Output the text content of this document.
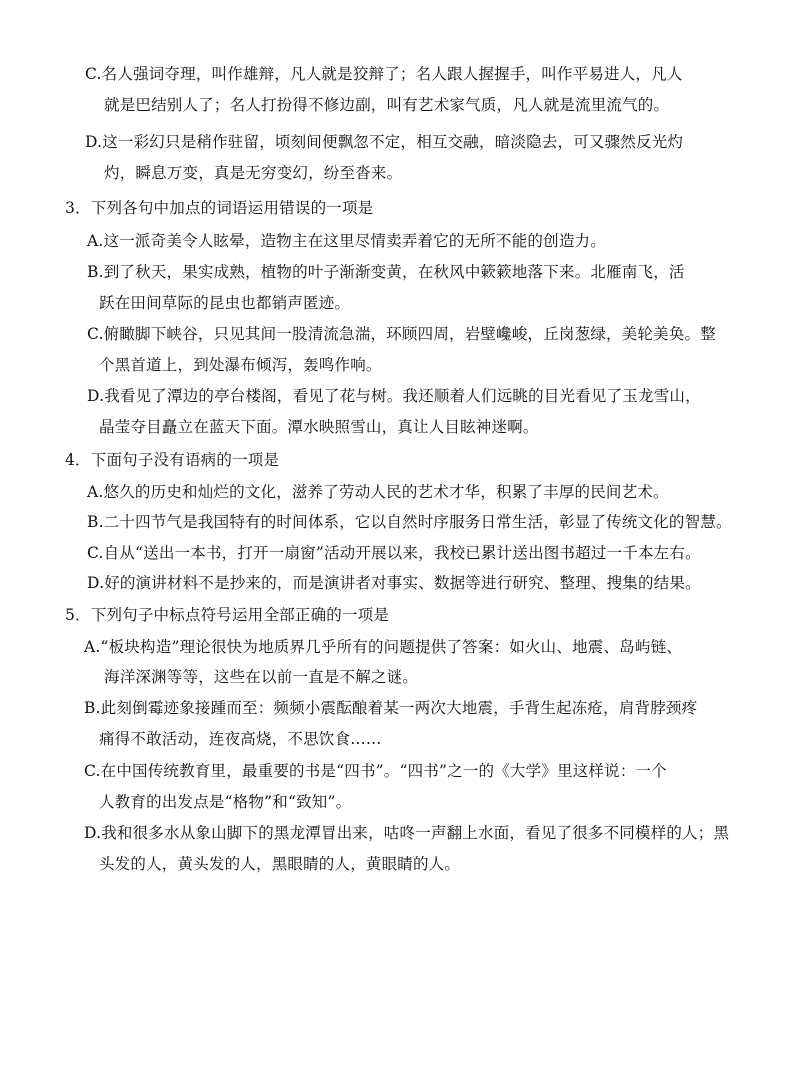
C.名人强词夺理，叫作雄辩，凡人就是狡辩了；名人跟人握握手，叫作平易进人，凡人
就是巴结别人了；名人打扮得不修边副，叫有艺术家气质，凡人就是流里流气的。
D.这一彩幻只是稍作驻留，顷刻间便飘忽不定，相互交融，暗淡隐去，可又骤然反光灼
灼，瞬息万变，真是无穷变幻，纷至沓来。
3．下列各句中加点的词语运用错误的一项是
A.这一派奇美令人眩晕，造物主在这里尽情卖弄着它的无所不能的创造力。
B.到了秋天，果实成熟，植物的叶子渐渐变黄，在秋风中簌簌地落下来。北雁南飞，活
跃在田间草际的昆虫也都销声匿迹。
C.俯瞰脚下峡谷，只见其间一股清流急湍，环顾四周，岩壁巉峻，丘岗葱绿，美轮美奂。整
个黑首道上，到处瀑布倾泻，轰鸣作响。
D.我看见了潭边的亭台楼阁，看见了花与树。我还顺着人们远眺的目光看见了玉龙雪山，
晶莹夺目矗立在蓝天下面。潭水映照雪山，真让人目眩神迷啊。
4．下面句子没有语病的一项是
A.悠久的历史和灿烂的文化，滋养了劳动人民的艺术才华，积累了丰厚的民间艺术。
B.二十四节气是我国特有的时间体系，它以自然时序服务日常生活，彰显了传统文化的智慧。
C.自从“送出一本书，打开一扇窗”活动开展以来，我校已累计送出图书超过一千本左右。
D.好的演讲材料不是抄来的，而是演讲者对事实、数据等进行研究、整理、搜集的结果。
5．下列句子中标点符号运用全部正确的一项是
A.“板块构造”理论很快为地质界几乎所有的问题提供了答案：如火山、地震、岛屿链、
海洋深渊等等，这些在以前一直是不解之谜。
B.此刻倒霉迹象接踵而至：频频小震酝酿着某一两次大地震，手背生起冻疮，肩背脖颈疼
痛得不敢活动，连夜高烧，不思饮食……
C.在中国传统教育里，最重要的书是“四书”。“四书”之一的《大学》里这样说：一个
人教育的出发点是“格物”和“致知”。
D.我和很多水从象山脚下的黑龙潭冒出来，咕咚一声翻上水面，看见了很多不同模样的人；黑
头发的人，黄头发的人，黑眼睛的人，黄眼睛的人。
